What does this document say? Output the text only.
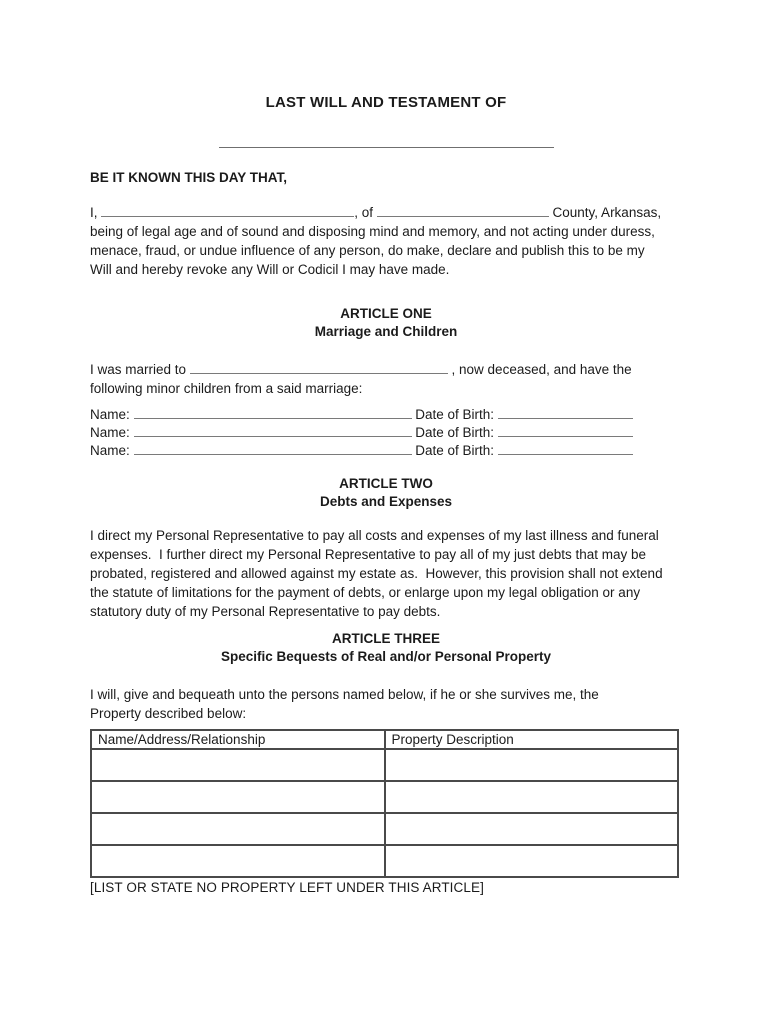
LAST WILL AND TESTAMENT OF
BE IT KNOWN THIS DAY THAT,
I,	, of	County, Arkansas,
being of legal age and of sound and disposing mind and memory, and not acting under duress,
menace, fraud, or undue influence of any person, do make, declare and publish this to be my
Will and hereby revoke any Will or Codicil I may have made.
ARTICLE ONE
Marriage and Children
I was married to	, now deceased, and have the
following minor children from a said marriage:
Name:	Date of Birth:
Name:	Date of Birth:
Name:	Date of Birth:
ARTICLE TWO
Debts and Expenses
I direct my Personal Representative to pay all costs and expenses of my last illness and funeral
expenses.  I further direct my Personal Representative to pay all of my just debts that may be
probated, registered and allowed against my estate as.  However, this provision shall not extend
the statute of limitations for the payment of debts, or enlarge upon my legal obligation or any
statutory duty of my Personal Representative to pay debts.
ARTICLE THREE
Specific Bequests of Real and/or Personal Property
I will, give and bequeath unto the persons named below, if he or she survives me, the
Property described below:
Name/Address/Relationship	Property Description

[LIST OR STATE NO PROPERTY LEFT UNDER THIS ARTICLE]
